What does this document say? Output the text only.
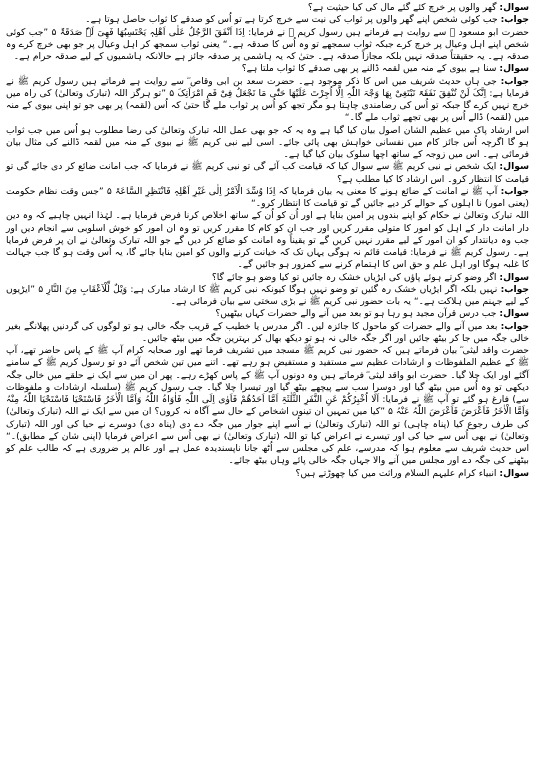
سوال: گھر والوں پر خرچ کئے گئے مال کی کیا حیثیت ہے؟

جواب: جب کوئی شخص اپنے گھر والوں پر ثواب کی نیت سے خرچ کرتا ہے تو اُس کو صدقے کا ثواب حاصل ہوتا ہے۔

حضرت ابو مسعود ؓ سے روایت ہے فرماتے ہیں رسول کریم ﷺ نے فرمایا: اِذَا اَنْفَقَ الرَّجُلُ عَلٰی اَھْلِہٖ یَحْتَسِبُھَا فَھِیَ لَہٗ صَدَقَۃٌ ۵ ”جب کوئی شخص اپنے اہل وعیال پر خرچ کرے جبکہ ثواب سمجھے تو وہ اُس کا صدقہ ہے۔“ یعنی ثواب سمجھ کر اہل وعیال پر جو بھی خرچ کرے وہ صدقہ ہے۔ یہ حقیقتاً صدقہ نہیں بلکہ مجازاً صدقہ ہے۔ حتیٰ کہ یہ ہاشمی پر صدقہ جائز ہے حالانکہ ہاشمیوں کے لیے صدقہ حرام ہے۔

سوال: سنا ہے بیوی کے منہ میں لقمہ ڈالنے پر بھی صدقے کا ثواب ملتا ہے؟

جواب: جی ہاں حدیث شریف میں اس کا ذکر موجود ہے۔ حضرت سعد بن ابی وقاص ؓ سے روایت ہے فرماتے ہیں رسول کریم ﷺ نے فرمایا ہے: اِنَّکَ لَنْ تُنْفِقَ نَفَقَۃً تَبْتَغِیْ بِھَا وَجْہَ اللّٰہِ اِلَّا اُجِرْتَ عَلَیْھَا حَتّٰی مَا تَجْعَلُ فِیْ فَمِ امْرَاَتِکَ ۵ ”تو ہرگز اللہ (تبارک وتعالیٰ) کی راہ میں خرچ نہیں کرے گا جبکہ تو اُس کی رضامندی چاہتا ہو مگر تجھ کو اُس پر ثواب ملے گا حتیٰ کہ اُس (لقمہ) پر بھی جو تو اپنی بیوی کے منہ میں (لقمہ) ڈالے اُس پر بھی تجھے ثواب ملے گا۔“

اس ارشاد پاک میں عظیم الشان اصول بیان کیا گیا ہے وہ یہ کہ جو بھی عمل اللہ تبارک وتعالیٰ کی رضا مطلوب ہو اُس میں جب ثواب ہو گا اگرچہ اُس جائز کام میں نفسانی خواہش بھی پائی جائے۔ اسی لیے نبی کریم ﷺ نے بیوی کے منہ میں لقمہ ڈالنے کی مثال بیان فرمائی ہے۔ اس میں زوجہ کے ساتھ اچھا سلوک بیان کیا گیا ہے۔

سوال: ایک شخص نے نبی کریم ﷺ سے سوال کیا کہ قیامت کب آئے گی تو نبی کریم ﷺ نے فرمایا کہ جب امانت ضائع کر دی جائے گی تو قیامت کا انتظار کرو۔ اس ارشاد کا کیا مطلب ہے؟

جواب: آپ ﷺ نے امانت کے ضائع ہونے کا معنی یہ بیان فرمایا کہ اِذَا وُسِّدَ الْاَمْرُ اِلٰی غَیْرِ اَھْلِہٖ فَانْتَظِرِ السَّاعَۃَ ۵ ”جس وقت نظام حکومت (یعنی امور) نا اہلوں کے حوالے کر دیے جائیں گے تو قیامت کا انتظار کرو۔“

اللہ تبارک وتعالیٰ نے حکام کو اپنے بندوں پر امین بنایا ہے اور اُن کو اُن کے ساتھ اخلاص کرنا فرض فرمایا ہے۔ لہٰذا انہیں چاہیے کہ وہ دین دار امانت دار کے اہل کو امور کا متولی مقرر کریں اور جب ان کو کام کا مقرر کریں تو وہ ان امور کو خوش اسلوبی سے انجام دیں اور جب وہ دیانتدار کو ان امور کے لیے مقرر نہیں کریں گے تو یقیناً وہ امانت کو ضائع کر دیں گے جو اللہ تبارک وتعالیٰ نے ان پر فرض فرمایا ہے۔ رسول کریم ﷺ نے فرمایا: قیامت قائم نہ ہوگی یہاں تک کہ خیانت کرنے والوں کو امین بنایا جائے گا، یہ اُس وقت ہو گا جب جہالت کا غلبہ ہوگا اور اہل علم و حق اس کا اہتمام کرنے سے کمزور ہو جائیں گے۔

سوال: اگر وضو کرتے ہوئے پاؤں کی ایڑیاں خشک رہ جائیں تو کیا وضو ہو جائے گا؟

جواب: نہیں بلکہ اگر ایڑیاں خشک رہ گئیں تو وضو نہیں ہوگا کیونکہ نبی کریم ﷺ کا ارشاد مبارک ہے: وَیْلٌ لِّلْاَعْقَابِ مِنَ النَّارِ ۵ ”ایڑیوں کے لیے جہنم میں ہلاکت ہے۔“ یہ بات حضور نبی کریم ﷺ نے بڑی سختی سے بیان فرمائی ہے۔

سوال: جب درس قرآن مجید ہو رہا ہو تو بعد میں آنے والے حضرات کہاں بیٹھیں؟

جواب: بعد میں آنے والے حضرات کو ماحول کا جائزہ لیں۔ اگر مدرس یا خطیب کے قریب جگہ خالی ہو تو لوگوں کی گردنیں پھلانگے بغیر خالی جگہ میں جا کر بیٹھ جائیں اور اگر جگہ خالی نہ ہو تو دیکھ بھال کر بہترین جگہ میں بیٹھ جائیں۔

حضرت واقد لیثی ؓ بیان فرماتے ہیں کہ حضور نبی کریم ﷺ مسجد میں تشریف فرما تھے اور صحابہ کرام آپ ﷺ کے پاس حاضر تھے، آپ ﷺ کے عظیم الملفوظات و ارشادات عظیم سے مستفید و مستفیض ہو رہے تھے۔ اتنے میں تین شخص آئے دو تو رسول کریم ﷺ کے سامنے آگئے اور ایک چلا گیا۔ حضرت ابو واقد لیثی ؓ فرماتے ہیں وہ دونوں آپ ﷺ کے پاس کھڑے رہے۔ پھر ان میں سے ایک نے حلقے میں خالی جگہ دیکھی تو وہ اُس میں بیٹھ گیا اور دوسرا سب سے پیچھے بیٹھ گیا اور تیسرا چلا گیا۔ جب رسول کریم ﷺ (سلسلہ ارشادات و ملفوظات سے) فارغ ہو گئے تو آپ ﷺ نے فرمایا: اَلَا اُخْبِرُکُمْ عَنِ النَّفَرِ الثَّلٰثَۃِ اَمَّا اَحَدُھُمْ فَاَوٰی اِلَی اللّٰہِ فَاٰوَاہُ اللّٰہُ وَاَمَّا الْاٰخَرُ فَاسْتَحْیَا فَاسْتَحْیَا اللّٰہُ مِنْہُ وَاَمَّا الْاٰخَرُ فَاَعْرَضَ فَاَعْرَضَ اللّٰہُ عَنْہُ ۵ ”کیا میں تمہیں ان تینوں اشخاص کے حال سے آگاہ نہ کروں؟ ان میں سے ایک نے اللہ (تبارک وتعالیٰ) کی طرف رجوع کیا (پناہ چاہی) تو اللہ (تبارک وتعالیٰ) نے اُسے اپنے جوار میں جگہ دے دی (پناہ دی) دوسرے نے حیا کی اور اللہ (تبارک وتعالیٰ) نے بھی اُس سے حیا کی اور تیسرے نے اعراض کیا تو اللہ (تبارک وتعالیٰ) نے بھی اُس سے اعراض فرمایا (اپنی شان کے مطابق)۔“ اس حدیث شریف سے معلوم ہوا کہ مدرسے، علم کی مجلس سے اُٹھ جانا ناپسندیدہ عمل ہے اور عالم پر ضروری ہے کہ طالب علم کو بیٹھنے کی جگہ دے اور مجلس میں آنے والا جہاں جگہ خالی پائے وہاں بیٹھ جائے۔

سوال: انبیاء کرام علیہم السلام وراثت میں کیا چھوڑتے ہیں؟
